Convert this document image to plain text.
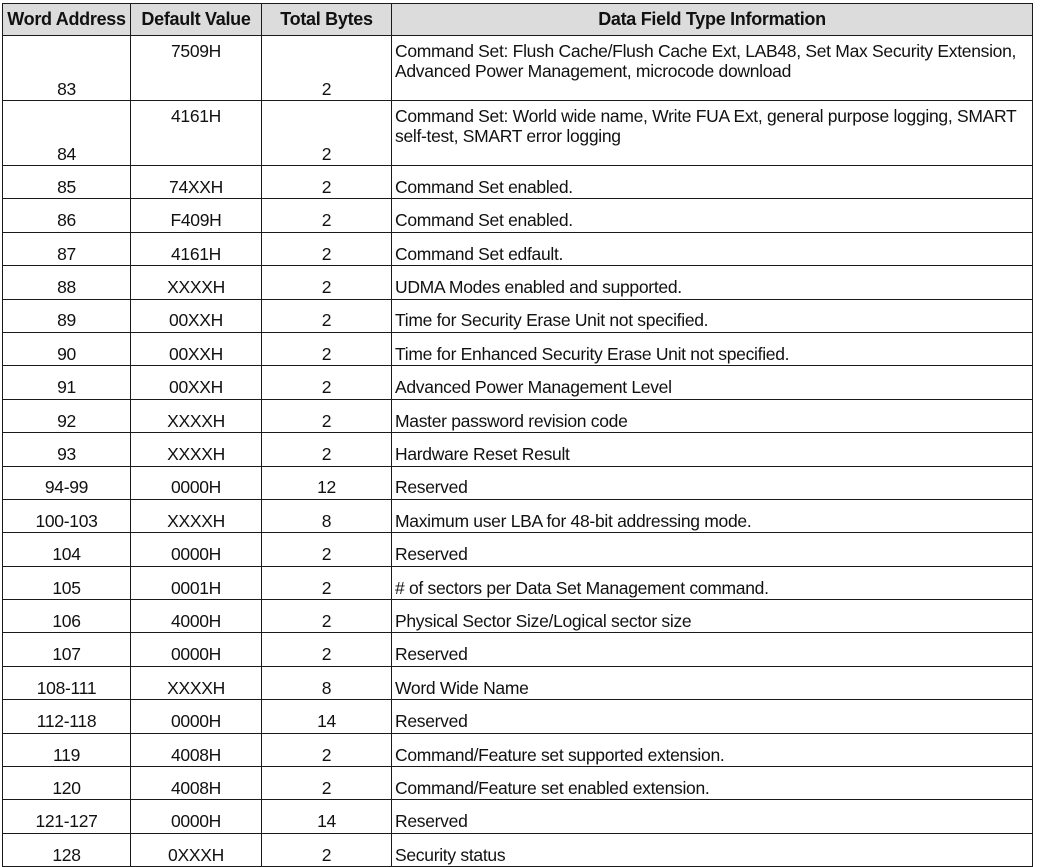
Word Address	Default Value	Total Bytes	Data Field Type Information
83	7509H	2	Command Set: Flush Cache/Flush Cache Ext, LAB48, Set Max Security Extension, Advanced Power Management, microcode download
84	4161H	2	Command Set: World wide name, Write FUA Ext, general purpose logging, SMART self-test, SMART error logging
85	74XXH	2	Command Set enabled.
86	F409H	2	Command Set enabled.
87	4161H	2	Command Set edfault.
88	XXXXH	2	UDMA Modes enabled and supported.
89	00XXH	2	Time for Security Erase Unit not specified.
90	00XXH	2	Time for Enhanced Security Erase Unit not specified.
91	00XXH	2	Advanced Power Management Level
92	XXXXH	2	Master password revision code
93	XXXXH	2	Hardware Reset Result
94-99	0000H	12	Reserved
100-103	XXXXH	8	Maximum user LBA for 48-bit addressing mode.
104	0000H	2	Reserved
105	0001H	2	# of sectors per Data Set Management command.
106	4000H	2	Physical Sector Size/Logical sector size
107	0000H	2	Reserved
108-111	XXXXH	8	Word Wide Name
112-118	0000H	14	Reserved
119	4008H	2	Command/Feature set supported extension.
120	4008H	2	Command/Feature set enabled extension.
121-127	0000H	14	Reserved
128	0XXXH	2	Security status
